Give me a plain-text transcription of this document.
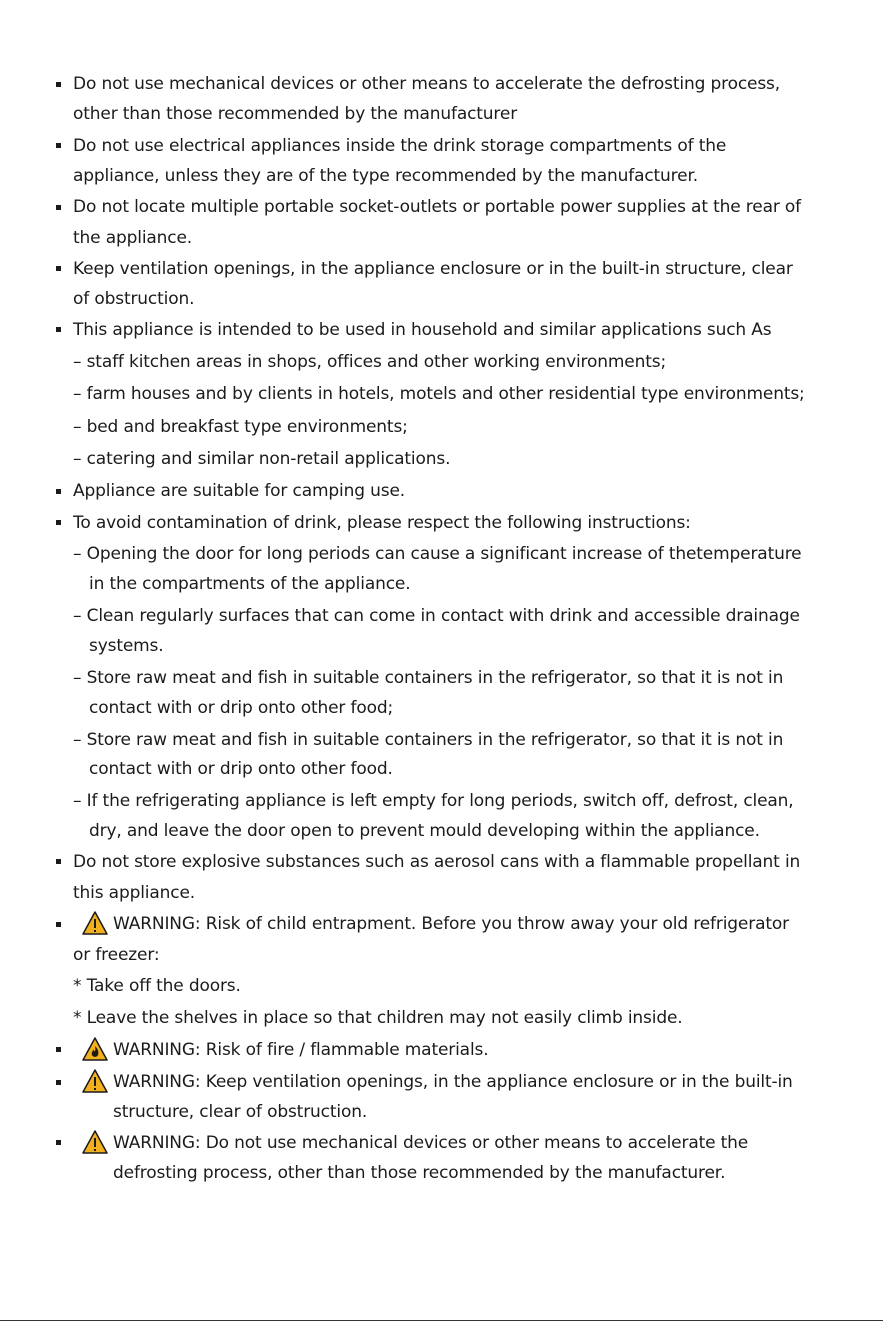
Do not use mechanical devices or other means to accelerate the defrosting process,
other than those recommended by the manufacturer
Do not use electrical appliances inside the drink storage compartments of the
appliance, unless they are of the type recommended by the manufacturer.
Do not locate multiple portable socket-outlets or portable power supplies at the rear of
the appliance.
Keep ventilation openings, in the appliance enclosure or in the built-in structure, clear
of obstruction.
This appliance is intended to be used in household and similar applications such As
– staff kitchen areas in shops, offices and other working environments;
– farm houses and by clients in hotels, motels and other residential type environments;
– bed and breakfast type environments;
– catering and similar non-retail applications.
Appliance are suitable for camping use.
To avoid contamination of drink, please respect the following instructions:
– Opening the door for long periods can cause a significant increase of thetemperature
in the compartments of the appliance.
– Clean regularly surfaces that can come in contact with drink and accessible drainage
systems.
– Store raw meat and fish in suitable containers in the refrigerator, so that it is not in
contact with or drip onto other food;
– Store raw meat and fish in suitable containers in the refrigerator, so that it is not in
contact with or drip onto other food.
– If the refrigerating appliance is left empty for long periods, switch off, defrost, clean,
dry, and leave the door open to prevent mould developing within the appliance.
Do not store explosive substances such as aerosol cans with a flammable propellant in
this appliance.
WARNING: Risk of child entrapment. Before you throw away your old refrigerator
or freezer:
* Take off the doors.
* Leave the shelves in place so that children may not easily climb inside.
WARNING: Risk of fire / flammable materials.
WARNING: Keep ventilation openings, in the appliance enclosure or in the built-in
structure, clear of obstruction.
WARNING: Do not use mechanical devices or other means to accelerate the
defrosting process, other than those recommended by the manufacturer.
